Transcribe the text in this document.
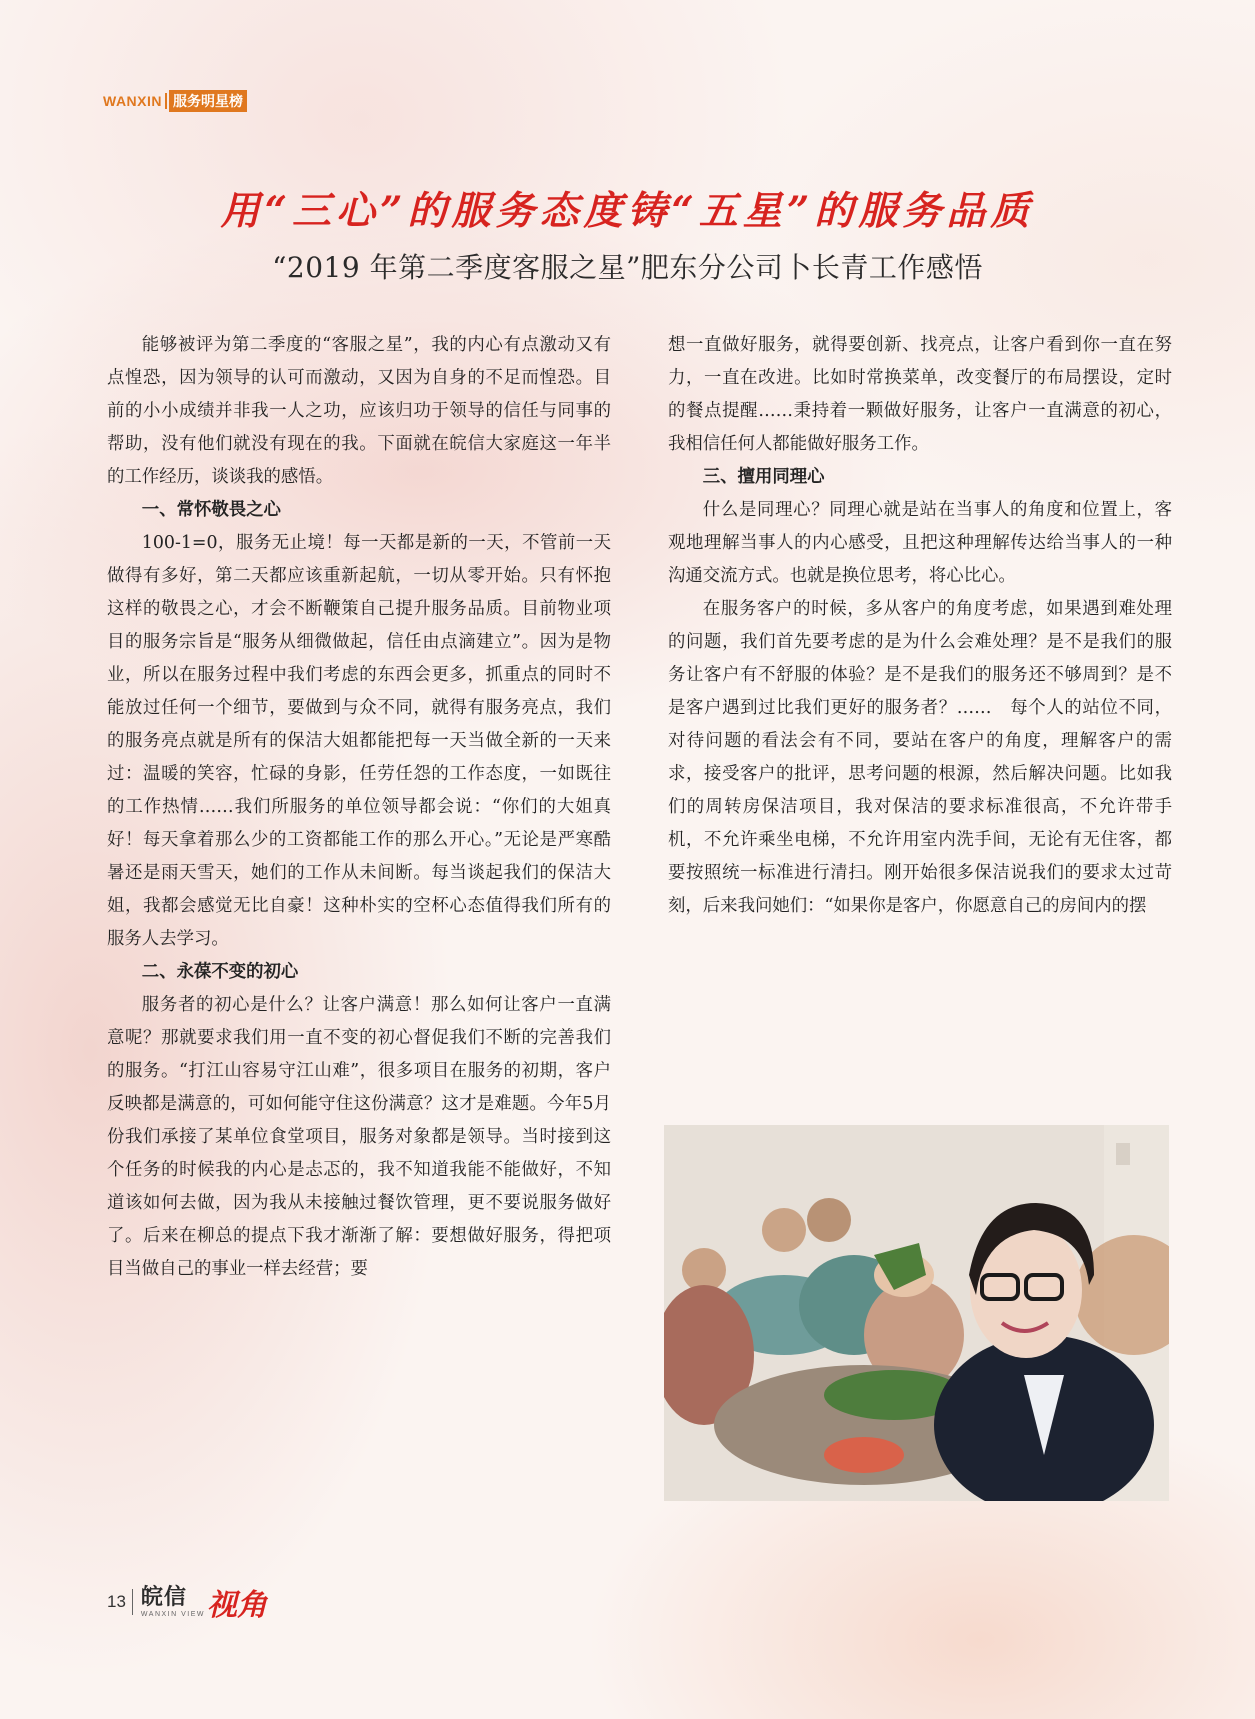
WANXIN 服务明星榜
用“三心”的服务态度铸“五星”的服务品质
“2019 年第二季度客服之星”肥东分公司卜长青工作感悟

能够被评为第二季度的“客服之星”，我的内心有点激动又有点惶恐，因为领导的认可而激动，又因为自身的不足而惶恐。目前的小小成绩并非我一人之功，应该归功于领导的信任与同事的帮助，没有他们就没有现在的我。下面就在皖信大家庭这一年半的工作经历，谈谈我的感悟。

一、常怀敬畏之心

100-1=0，服务无止境！每一天都是新的一天，不管前一天做得有多好，第二天都应该重新起航，一切从零开始。只有怀抱这样的敬畏之心，才会不断鞭策自己提升服务品质。目前物业项目的服务宗旨是“服务从细微做起，信任由点滴建立”。因为是物业，所以在服务过程中我们考虑的东西会更多，抓重点的同时不能放过任何一个细节，要做到与众不同，就得有服务亮点，我们的服务亮点就是所有的保洁大姐都能把每一天当做全新的一天来过：温暖的笑容，忙碌的身影，任劳任怨的工作态度，一如既往的工作热情……我们所服务的单位领导都会说：“你们的大姐真好！每天拿着那么少的工资都能工作的那么开心。”无论是严寒酷暑还是雨天雪天，她们的工作从未间断。每当谈起我们的保洁大姐，我都会感觉无比自豪！这种朴实的空杯心态值得我们所有的服务人去学习。

二、永葆不变的初心

服务者的初心是什么？让客户满意！那么如何让客户一直满意呢？那就要求我们用一直不变的初心督促我们不断的完善我们的服务。“打江山容易守江山难”，很多项目在服务的初期，客户反映都是满意的，可如何能守住这份满意？这才是难题。今年5月份我们承接了某单位食堂项目，服务对象都是领导。当时接到这个任务的时候我的内心是忐忑的，我不知道我能不能做好，不知道该如何去做，因为我从未接触过餐饮管理，更不要说服务做好了。后来在柳总的提点下我才渐渐了解：要想做好服务，得把项目当做自己的事业一样去经营；要

想一直做好服务，就得要创新、找亮点，让客户看到你一直在努力，一直在改进。比如时常换菜单，改变餐厅的布局摆设，定时的餐点提醒……秉持着一颗做好服务，让客户一直满意的初心，我相信任何人都能做好服务工作。

三、擅用同理心

什么是同理心？同理心就是站在当事人的角度和位置上，客观地理解当事人的内心感受，且把这种理解传达给当事人的一种沟通交流方式。也就是换位思考，将心比心。

在服务客户的时候，多从客户的角度考虑，如果遇到难处理的问题，我们首先要考虑的是为什么会难处理？是不是我们的服务让客户有不舒服的体验？是不是我们的服务还不够周到？是不是客户遇到过比我们更好的服务者？……　每个人的站位不同，对待问题的看法会有不同，要站在客户的角度，理解客户的需求，接受客户的批评，思考问题的根源，然后解决问题。比如我们的周转房保洁项目，我对保洁的要求标准很高，不允许带手机，不允许乘坐电梯，不允许用室内洗手间，无论有无住客，都要按照统一标准进行清扫。刚开始很多保洁说我们的要求太过苛刻，后来我问她们：“如果你是客户，你愿意自己的房间内的摆

13 皖信
WANXIN VIEW 视角
